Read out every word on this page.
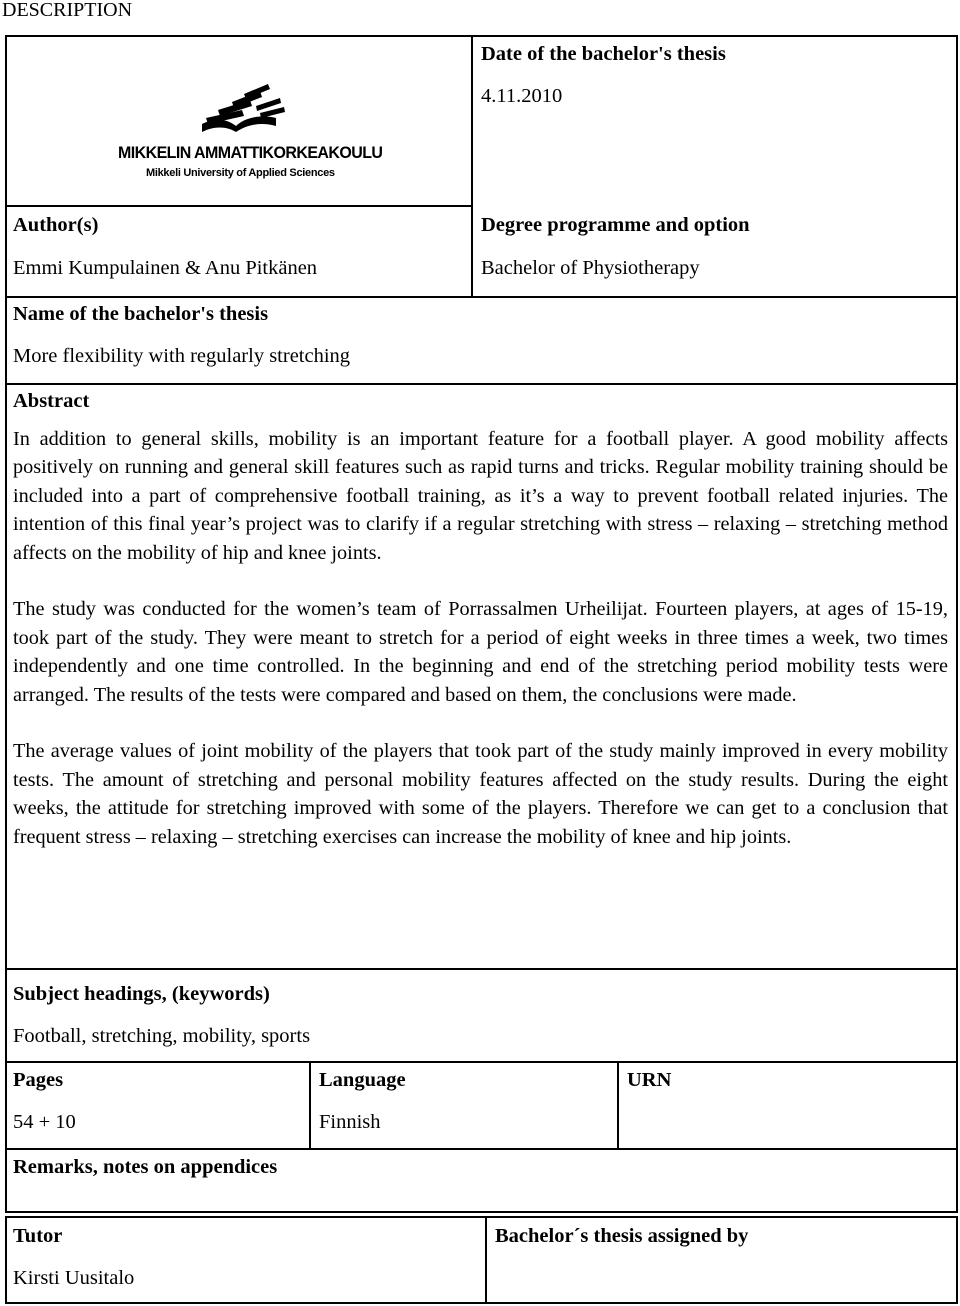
DESCRIPTION
MIKKELIN AMMATTIKORKEAKOULU
Mikkeli University of Applied Sciences
Date of the bachelor's thesis
4.11.2010
Author(s)
Emmi Kumpulainen & Anu Pitkänen
Degree programme and option
Bachelor of Physiotherapy
Name of the bachelor's thesis
More flexibility with regularly stretching
Abstract

In addition to general skills, mobility is an important feature for a football player. A good mobility affects positively on running and general skill features such as rapid turns and tricks. Regular mobility training should be included into a part of comprehensive football training, as it’s a way to prevent football related injuries. The intention of this final year’s project was to clarify if a regular stretching with stress – relaxing – stretching method affects on the mobility of hip and knee joints.

The study was conducted for the women’s team of Porrassalmen Urheilijat. Fourteen players, at ages of 15-19, took part of the study. They were meant to stretch for a period of eight weeks in three times a week, two times independently and one time controlled. In the beginning and end of the stretching period mobility tests were arranged. The results of the tests were compared and based on them, the conclusions were made.

The average values of joint mobility of the players that took part of the study mainly improved in every mobility tests. The amount of stretching and personal mobility features affected on the study results. During the eight weeks, the attitude for stretching improved with some of the players. Therefore we can get to a conclusion that frequent stress – relaxing – stretching exercises can increase the mobility of knee and hip joints.

Subject headings, (keywords)
Football, stretching, mobility, sports
Pages
54 + 10
Language
Finnish
URN
Remarks, notes on appendices
Tutor
Kirsti Uusitalo
Bachelor´s thesis assigned by
